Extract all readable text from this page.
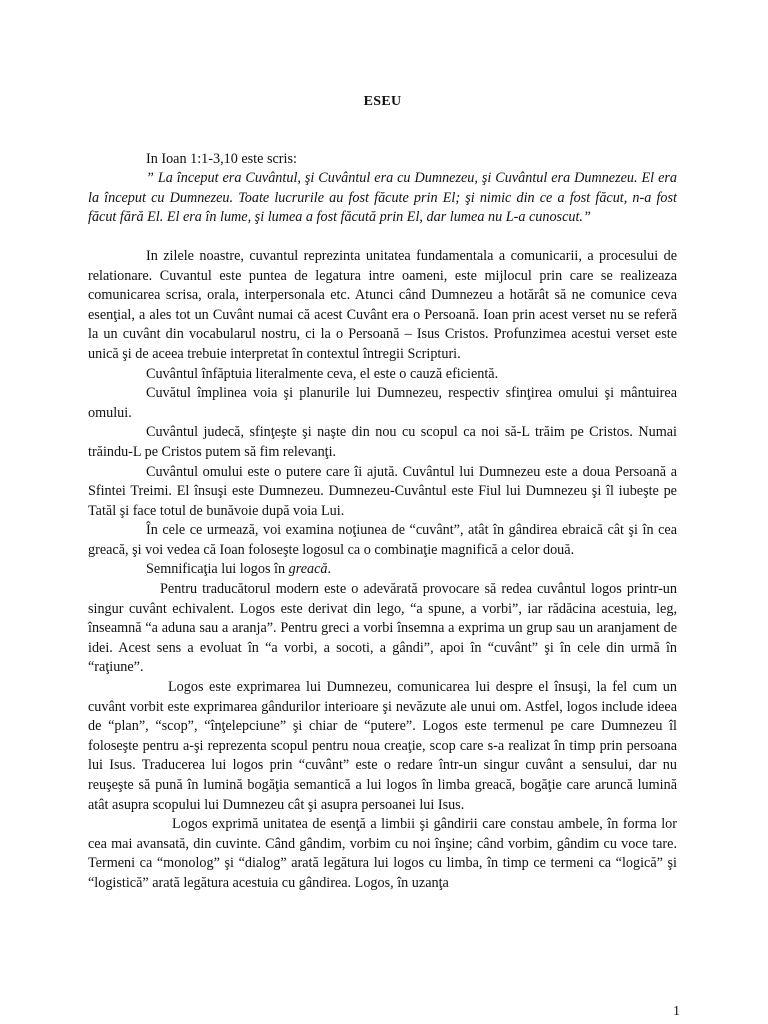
ESEU

In Ioan 1:1-3,10 este scris:

” La început era Cuvântul, şi Cuvântul era cu Dumnezeu, şi Cuvântul era Dumnezeu. El era la început cu Dumnezeu. Toate lucrurile au fost făcute prin El; şi nimic din ce a fost făcut, n-a fost făcut fără El. El era în lume, şi lumea a fost făcută prin El, dar lumea nu L-a cunoscut.”

In zilele noastre, cuvantul reprezinta unitatea fundamentala a comunicarii, a procesului de relationare. Cuvantul este puntea de legatura intre oameni, este mijlocul prin care se realizeaza comunicarea scrisa, orala, interpersonala etc. Atunci când Dumnezeu a hotărât să ne comunice ceva esenţial, a ales tot un Cuvânt numai că acest Cuvânt era o Persoană. Ioan prin acest verset nu se referă la un cuvânt din vocabularul nostru, ci la o Persoană – Isus Cristos. Profunzimea acestui verset este unică şi de aceea trebuie interpretat în contextul întregii Scripturi.

Cuvântul înfăptuia literalmente ceva, el este o cauză eficientă.

Cuvătul împlinea voia şi planurile lui Dumnezeu, respectiv sfinţirea omului şi mântuirea omului.

Cuvântul judecă, sfinţeşte şi naşte din nou cu scopul ca noi să-L trăim pe Cristos. Numai trăindu-L pe Cristos putem să fim relevanţi.

Cuvântul omului este o putere care îi ajută. Cuvântul lui Dumnezeu este a doua Persoană a Sfintei Treimi. El însuşi este Dumnezeu. Dumnezeu-Cuvântul este Fiul lui Dumnezeu şi îl iubeşte pe Tatăl şi face totul de bunăvoie după voia Lui.

În cele ce urmează, voi examina noţiunea de “cuvânt”, atât în gândirea ebraică cât şi în cea greacă, şi voi vedea că Ioan foloseşte logosul ca o combinaţie magnifică a celor două.

Semnificaţia lui logos în greacă.

Pentru traducătorul modern este o adevărată provocare să redea cuvântul logos printr-un singur cuvânt echivalent. Logos este derivat din lego, “a spune, a vorbi”, iar rădăcina acestuia, leg, înseamnă “a aduna sau a aranja”. Pentru greci a vorbi însemna a exprima un grup sau un aranjament de idei. Acest sens a evoluat în “a vorbi, a socoti, a gândi”, apoi în “cuvânt” şi în cele din urmă în “raţiune”.

Logos este exprimarea lui Dumnezeu, comunicarea lui despre el însuşi, la fel cum un cuvânt vorbit este exprimarea gândurilor interioare şi nevăzute ale unui om. Astfel, logos include ideea de “plan”, “scop”, “înţelepciune” şi chiar de “putere”. Logos este termenul pe care Dumnezeu îl foloseşte pentru a-şi reprezenta scopul pentru noua creaţie, scop care s-a realizat în timp prin persoana lui Isus. Traducerea lui logos prin “cuvânt” este o redare într-un singur cuvânt a sensului, dar nu reuşeşte să pună în lumină bogăţia semantică a lui logos în limba greacă, bogăţie care aruncă lumină atât asupra scopului lui Dumnezeu cât şi asupra persoanei lui Isus.

Logos exprimă unitatea de esenţă a limbii şi gândirii care constau ambele, în forma lor cea mai avansată, din cuvinte. Când gândim, vorbim cu noi înşine; când vorbim, gândim cu voce tare. Termeni ca “monolog” şi “dialog” arată legătura lui logos cu limba, în timp ce termeni ca “logică” şi “logistică” arată legătura acestuia cu gândirea. Logos, în uzanţa

1
